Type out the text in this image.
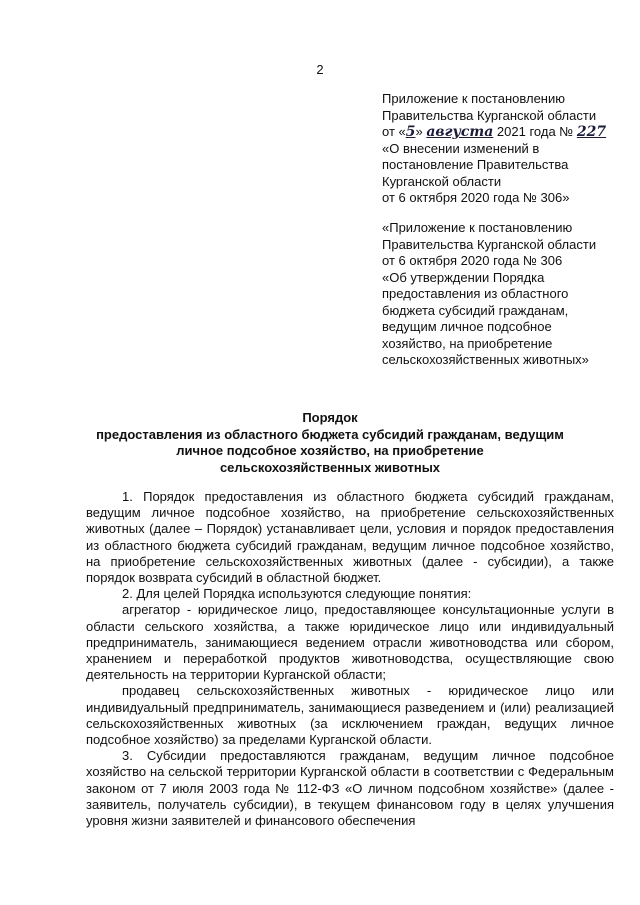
2
Приложение к постановлению
Правительства Курганской области
от «5» августа 2021 года № 227
«О внесении изменений в
постановление Правительства
Курганской области
от 6 октября 2020 года № 306»
«Приложение к постановлению
Правительства Курганской области
от 6 октября 2020 года № 306
«Об утверждении Порядка
предоставления из областного
бюджета субсидий гражданам,
ведущим личное подсобное
хозяйство, на приобретение
сельскохозяйственных животных»
Порядок
предоставления из областного бюджета субсидий гражданам, ведущим
личное подсобное хозяйство, на приобретение
сельскохозяйственных животных

1. Порядок предоставления из областного бюджета субсидий гражданам, ведущим личное подсобное хозяйство, на приобретение сельскохозяйственных животных (далее – Порядок) устанавливает цели, условия и порядок предоставления из областного бюджета субсидий гражданам, ведущим личное подсобное хозяйство, на приобретение сельскохозяйственных животных (далее - субсидии), а также порядок возврата субсидий в областной бюджет.

2. Для целей Порядка используются следующие понятия:

агрегатор - юридическое лицо, предоставляющее консультационные услуги в области сельского хозяйства, а также юридическое лицо или индивидуальный предприниматель, занимающиеся ведением отрасли животноводства или сбором, хранением и переработкой продуктов животноводства, осуществляющие свою деятельность на территории Курганской области;

продавец сельскохозяйственных животных - юридическое лицо или индивидуальный предприниматель, занимающиеся разведением и (или) реализацией сельскохозяйственных животных (за исключением граждан, ведущих личное подсобное хозяйство) за пределами Курганской области.

3. Субсидии предоставляются гражданам, ведущим личное подсобное хозяйство на сельской территории Курганской области в соответствии с Федеральным законом от 7 июля 2003 года № 112-ФЗ «О личном подсобном хозяйстве» (далее - заявитель, получатель субсидии), в текущем финансовом году в целях улучшения уровня жизни заявителей и финансового обеспечения
